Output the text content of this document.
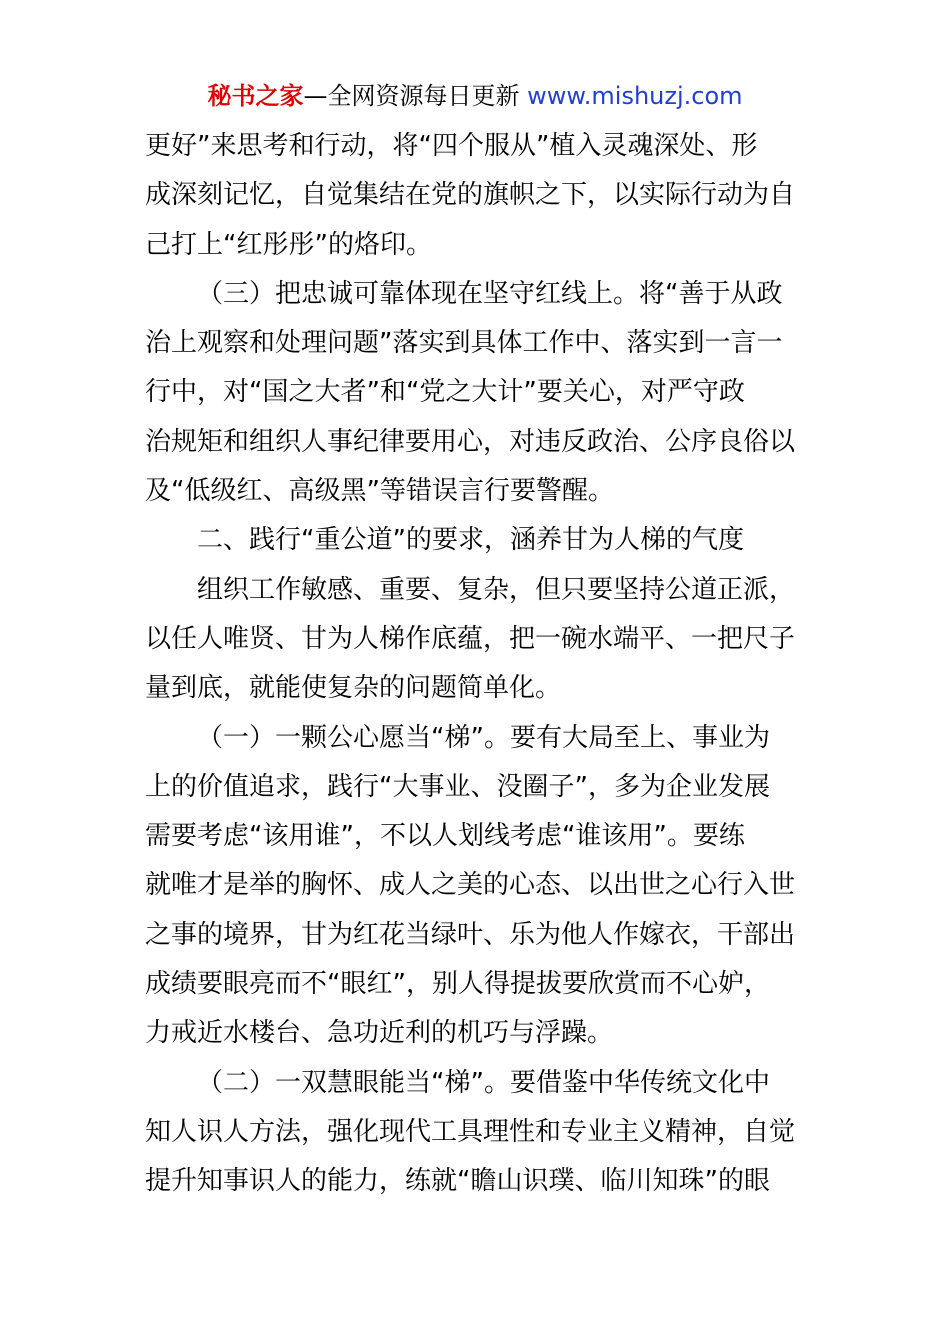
秘书之家—全网资源每日更新 www.mishuzj.com
更好”来思考和行动，将“四个服从”植入灵魂深处、形
成深刻记忆，自觉集结在党的旗帜之下，以实际行动为自
己打上“红彤彤”的烙印。
（三）把忠诚可靠体现在坚守红线上。将“善于从政
治上观察和处理问题”落实到具体工作中、落实到一言一
行中，对“国之大者”和“党之大计”要关心，对严守政
治规矩和组织人事纪律要用心，对违反政治、公序良俗以
及“低级红、高级黑”等错误言行要警醒。
二、践行“重公道”的要求，涵养甘为人梯的气度
组织工作敏感、重要、复杂，但只要坚持公道正派，
以任人唯贤、甘为人梯作底蕴，把一碗水端平、一把尺子
量到底，就能使复杂的问题简单化。
（一）一颗公心愿当“梯”。要有大局至上、事业为
上的价值追求，践行“大事业、没圈子”，多为企业发展
需要考虑“该用谁”，不以人划线考虑“谁该用”。要练
就唯才是举的胸怀、成人之美的心态、以出世之心行入世
之事的境界，甘为红花当绿叶、乐为他人作嫁衣，干部出
成绩要眼亮而不“眼红”，别人得提拔要欣赏而不心妒，
力戒近水楼台、急功近利的机巧与浮躁。
（二）一双慧眼能当“梯”。要借鉴中华传统文化中
知人识人方法，强化现代工具理性和专业主义精神，自觉
提升知事识人的能力，练就“瞻山识璞、临川知珠”的眼
